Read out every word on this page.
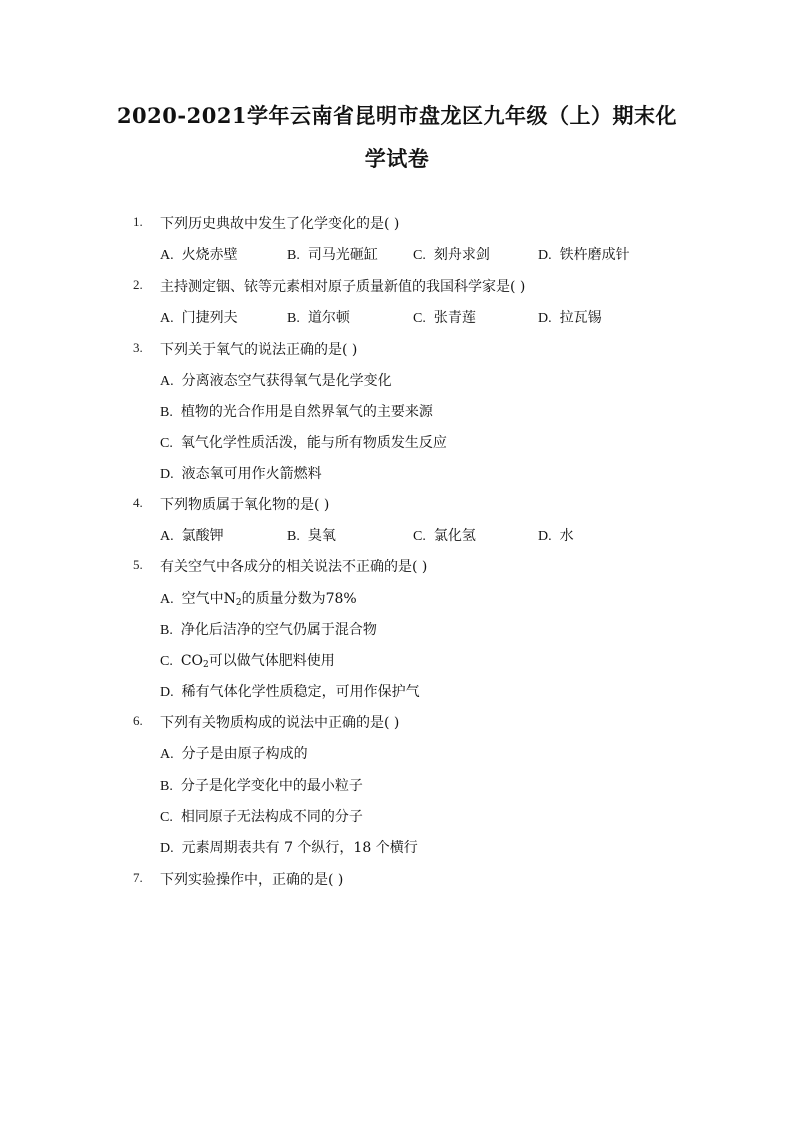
2020-2021学年云南省昆明市盘龙区九年级（上）期末化
学试卷
1. 下列历史典故中发生了化学变化的是( )
A. 火烧赤壁	B. 司马光砸缸	C. 刻舟求剑	D. 铁杵磨成针
2. 主持测定铟、铱等元素相对原子质量新值的我国科学家是( )
A. 门捷列夫	B. 道尔顿	C. 张青莲	D. 拉瓦锡
3. 下列关于氧气的说法正确的是( )
A. 分离液态空气获得氧气是化学变化
B. 植物的光合作用是自然界氧气的主要来源
C. 氧气化学性质活泼，能与所有物质发生反应
D. 液态氧可用作火箭燃料
4. 下列物质属于氧化物的是( )
A. 氯酸钾	B. 臭氧	C. 氯化氢	D. 水
5. 有关空气中各成分的相关说法不正确的是( )
A. 空气中$N_2$的质量分数为78%
B. 净化后洁净的空气仍属于混合物
C. $CO_2$可以做气体肥料使用
D. 稀有气体化学性质稳定，可用作保护气
6. 下列有关物质构成的说法中正确的是( )
A. 分子是由原子构成的
B. 分子是化学变化中的最小粒子
C. 相同原子无法构成不同的分子
D. 元素周期表共有 7 个纵行，18 个横行
7. 下列实验操作中，正确的是( )
